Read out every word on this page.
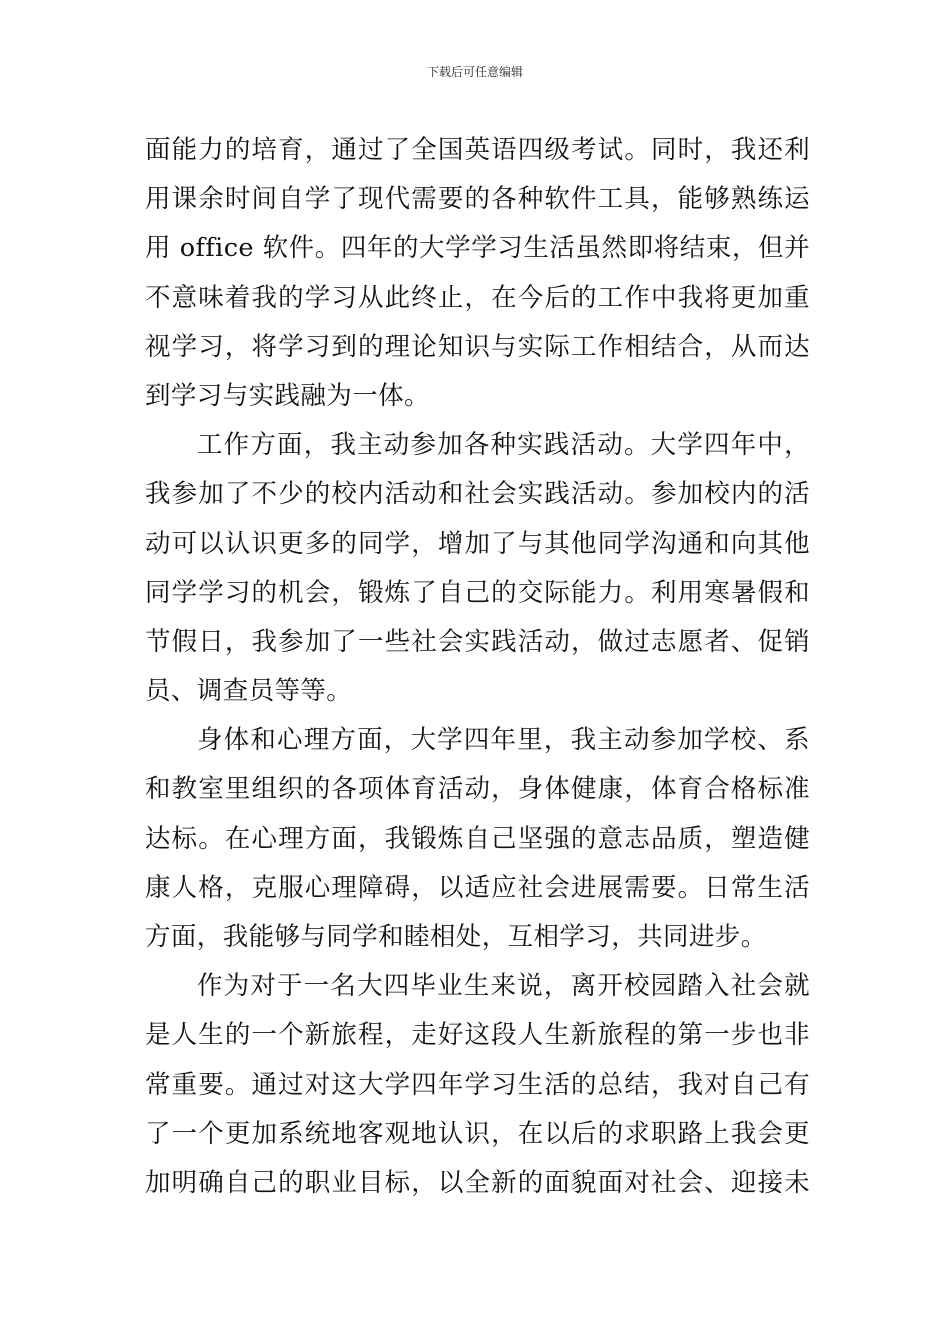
下载后可任意编辑
面能力的培育，通过了全国英语四级考试。同时，我还利
用课余时间自学了现代需要的各种软件工具，能够熟练运
用 office 软件。四年的大学学习生活虽然即将结束，但并
不意味着我的学习从此终止，在今后的工作中我将更加重
视学习，将学习到的理论知识与实际工作相结合，从而达
到学习与实践融为一体。
工作方面，我主动参加各种实践活动。大学四年中，
我参加了不少的校内活动和社会实践活动。参加校内的活
动可以认识更多的同学，增加了与其他同学沟通和向其他
同学学习的机会，锻炼了自己的交际能力。利用寒暑假和
节假日，我参加了一些社会实践活动，做过志愿者、促销
员、调查员等等。
身体和心理方面，大学四年里，我主动参加学校、系
和教室里组织的各项体育活动，身体健康，体育合格标准
达标。在心理方面，我锻炼自己坚强的意志品质，塑造健
康人格，克服心理障碍，以适应社会进展需要。日常生活
方面，我能够与同学和睦相处，互相学习，共同进步。
作为对于一名大四毕业生来说，离开校园踏入社会就
是人生的一个新旅程，走好这段人生新旅程的第一步也非
常重要。通过对这大学四年学习生活的总结，我对自己有
了一个更加系统地客观地认识，在以后的求职路上我会更
加明确自己的职业目标，以全新的面貌面对社会、迎接未
